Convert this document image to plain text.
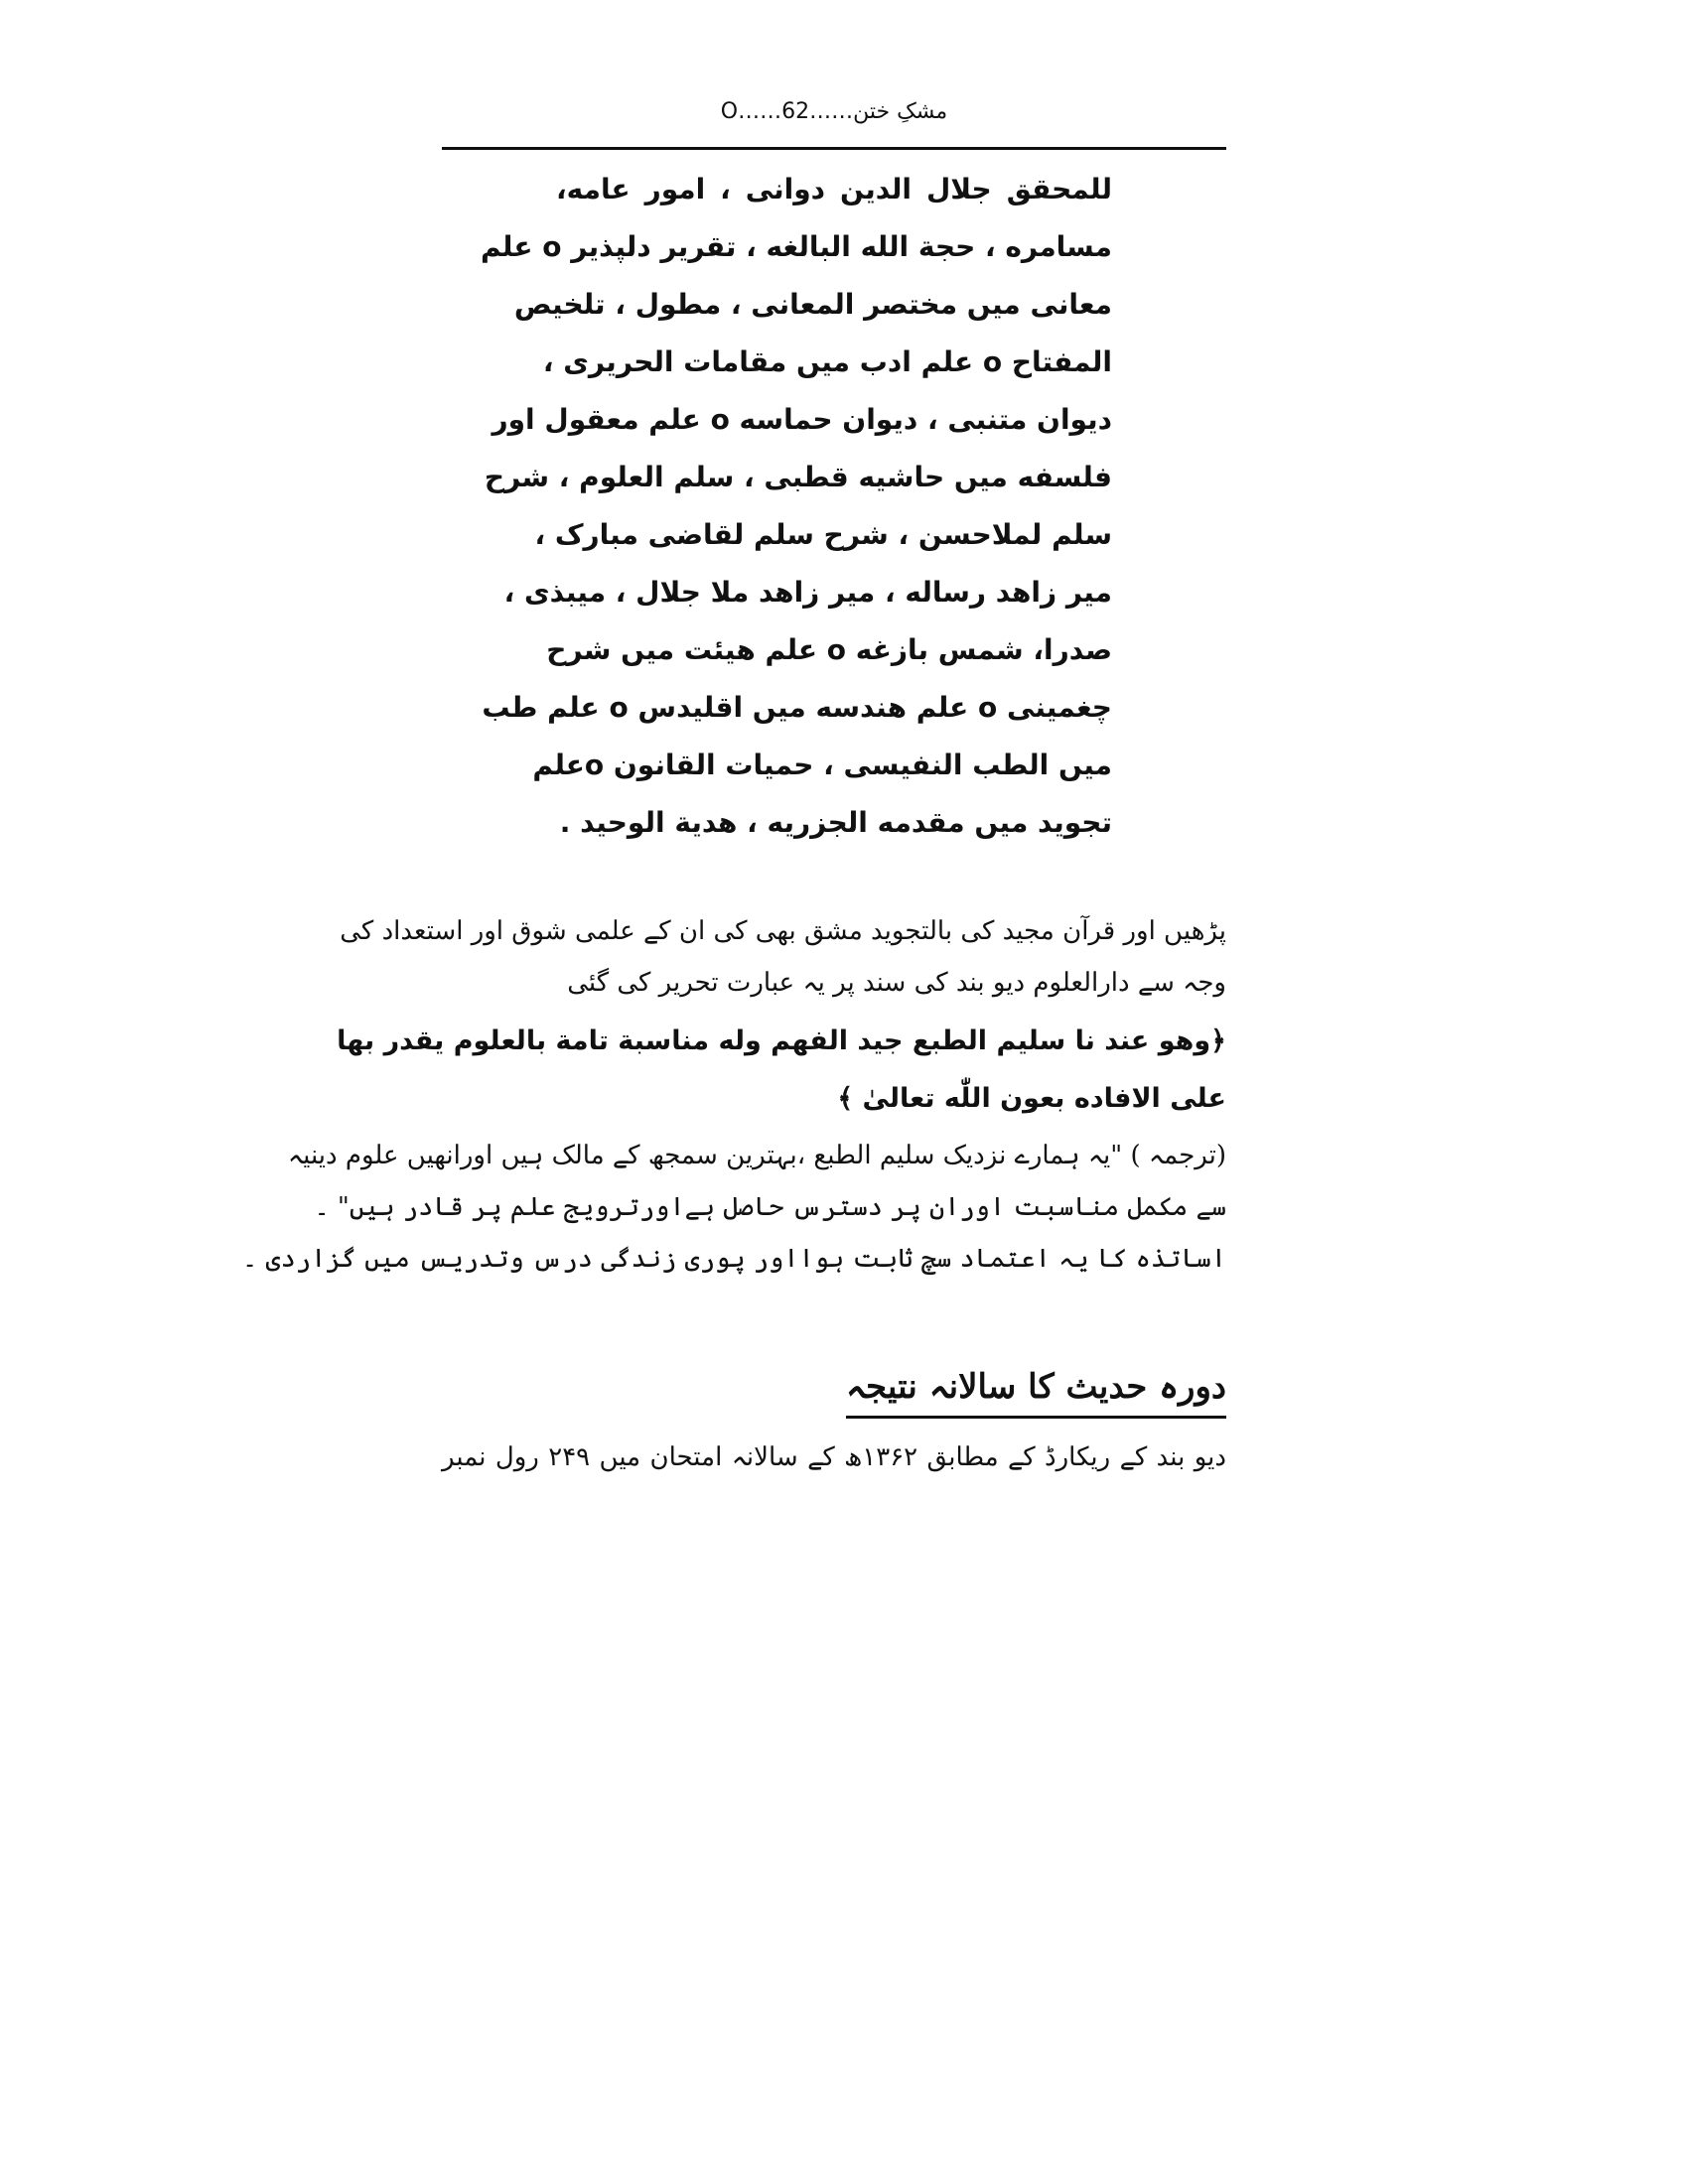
مشکِ ختن……O……62
للمحقق جلال الدین دوانی ، امور عامه،
مسامره ، حجة الله البالغه ، تقریر دلپذیر o علم
معانی میں مختصر المعانی ، مطول ، تلخیص
المفتاح o علم ادب میں مقامات الحریری ،
دیوان متنبی ، دیوان حماسه o علم معقول اور
فلسفه میں حاشیه قطبی ، سلم العلوم ، شرح
سلم لملاحسن ، شرح سلم لقاضی مبارک ،
میر زاهد رساله ، میر زاهد ملا جلال ، میبذی ،
صدرا، شمس بازغه o علم هیئت میں شرح
چغمینی o علم هندسه میں اقلیدس o علم طب
میں الطب النفیسی ، حمیات القانون oعلم
تجوید میں مقدمه الجزریه ، هدیة الوحید .
پڑھیں اور قرآن مجید کی بالتجوید مشق بھی کی ان کے علمی شوق اور استعداد کی
وجہ سے دارالعلوم دیو بند کی سند پر یہ عبارت تحریر کی گئی
﴿وهو عند نا سلیم الطبع جید الفهم وله مناسبة تامة بالعلوم یقدر بها
علی الافاده بعون اللّٰه تعالیٰ ﴾
(ترجمہ ) "یہ ہمارے نزدیک سلیم الطبع ،بہترین سمجھ کے مالک ہیں اورانھیں علوم دینیہ
سے مکمل مناسبت اوران پر دسترس حاصل ہےاورترویج علم پر قادر ہیں" ۔
اساتذہ کا یہ اعتماد سچ ثابت ہوااور پوری زندگی درس وتدریس میں گزاردی ۔
دورہ حدیث کا سالانہ نتیجہ
دیو بند کے ریکارڈ کے مطابق ۱۳۶۲ھ کے سالانہ امتحان میں ۲۴۹ رول نمبر
